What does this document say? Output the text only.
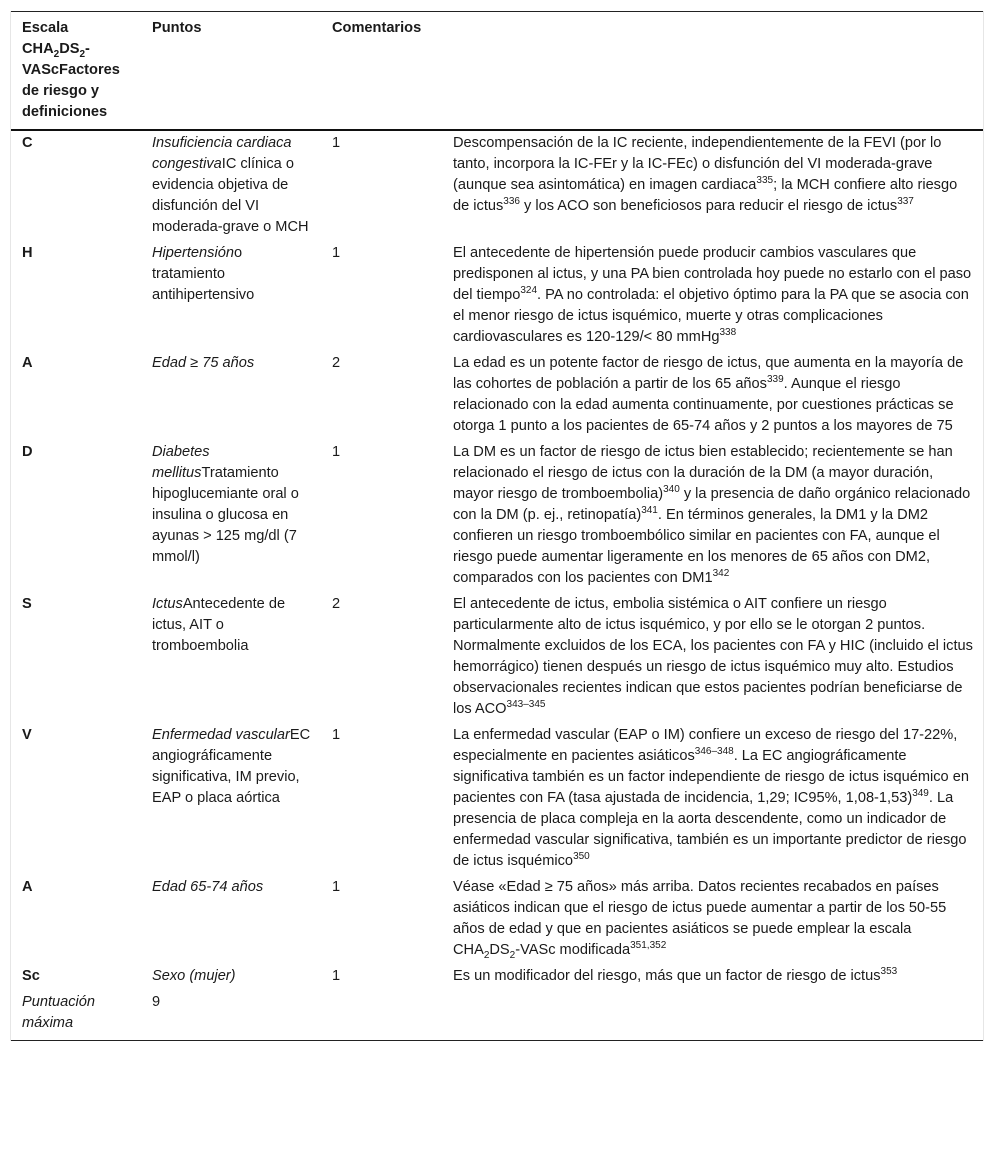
Escala $CHA_2DS_2$-VAScFactores de riesgo y definiciones	Puntos	Comentarios	
C	Insuficiencia cardiaca congestivaIC clínica o evidencia objetiva de disfunción del VI moderada-grave o MCH	1	Descompensación de la IC reciente, independientemente de la FEVI (por lo tanto, incorpora la IC-FEr y la IC-FEc) o disfunción del VI moderada-grave (aunque sea asintomática) en imagen cardiaca$^{335}$; la MCH confiere alto riesgo de ictus$^{336}$ y los ACO son beneficiosos para reducir el riesgo de ictus$^{337}$
H	Hipertensióno tratamiento antihipertensivo	1	El antecedente de hipertensión puede producir cambios vasculares que predisponen al ictus, y una PA bien controlada hoy puede no estarlo con el paso del tiempo$^{324}$. PA no controlada: el objetivo óptimo para la PA que se asocia con el menor riesgo de ictus isquémico, muerte y otras complicaciones cardiovasculares es 120-129/< 80 mmHg$^{338}$
A	Edad ≥ 75 años	2	La edad es un potente factor de riesgo de ictus, que aumenta en la mayoría de las cohortes de población a partir de los 65 años$^{339}$. Aunque el riesgo relacionado con la edad aumenta continuamente, por cuestiones prácticas se otorga 1 punto a los pacientes de 65-74 años y 2 puntos a los mayores de 75
D	Diabetes mellitusTratamiento hipoglucemiante oral o insulina o glucosa en ayunas > 125 mg/dl (7 mmol/l)	1	La DM es un factor de riesgo de ictus bien establecido; recientemente se han relacionado el riesgo de ictus con la duración de la DM (a mayor duración, mayor riesgo de tromboembolia)$^{340}$ y la presencia de daño orgánico relacionado con la DM (p. ej., retinopatía)$^{341}$. En términos generales, la DM1 y la DM2 confieren un riesgo tromboembólico similar en pacientes con FA, aunque el riesgo puede aumentar ligeramente en los menores de 65 años con DM2, comparados con los pacientes con $DM1^{342}$
S	IctusAntecedente de ictus, AIT o tromboembolia	2	El antecedente de ictus, embolia sistémica o AIT confiere un riesgo particularmente alto de ictus isquémico, y por ello se le otorgan 2 puntos. Normalmente excluidos de los ECA, los pacientes con FA y HIC (incluido el ictus hemorrágico) tienen después un riesgo de ictus isquémico muy alto. Estudios observacionales recientes indican que estos pacientes podrían beneficiarse de los ACO$^{343-345}$
V	Enfermedad vascularEC angiográficamente significativa, IM previo, EAP o placa aórtica	1	La enfermedad vascular (EAP o IM) confiere un exceso de riesgo del 17-22%, especialmente en pacientes asiáticos$^{346-348}$. La EC angiográficamente significativa también es un factor independiente de riesgo de ictus isquémico en pacientes con FA (tasa ajustada de incidencia, 1,29; IC95%, 1,08-1,53)$^{349}$. La presencia de placa compleja en la aorta descendente, como un indicador de enfermedad vascular significativa, también es un importante predictor de riesgo de ictus isquémico$^{350}$
A	Edad 65-74 años	1	Véase «Edad ≥ 75 años» más arriba. Datos recientes recabados en países asiáticos indican que el riesgo de ictus puede aumentar a partir de los 50-55 años de edad y que en pacientes asiáticos se puede emplear la escala $CHA_2DS_2$-VASc modificada$^{351,352}$
Sc	Sexo (mujer)	1	Es un modificador del riesgo, más que un factor de riesgo de ictus$^{353}$
Puntuación máxima	9		
